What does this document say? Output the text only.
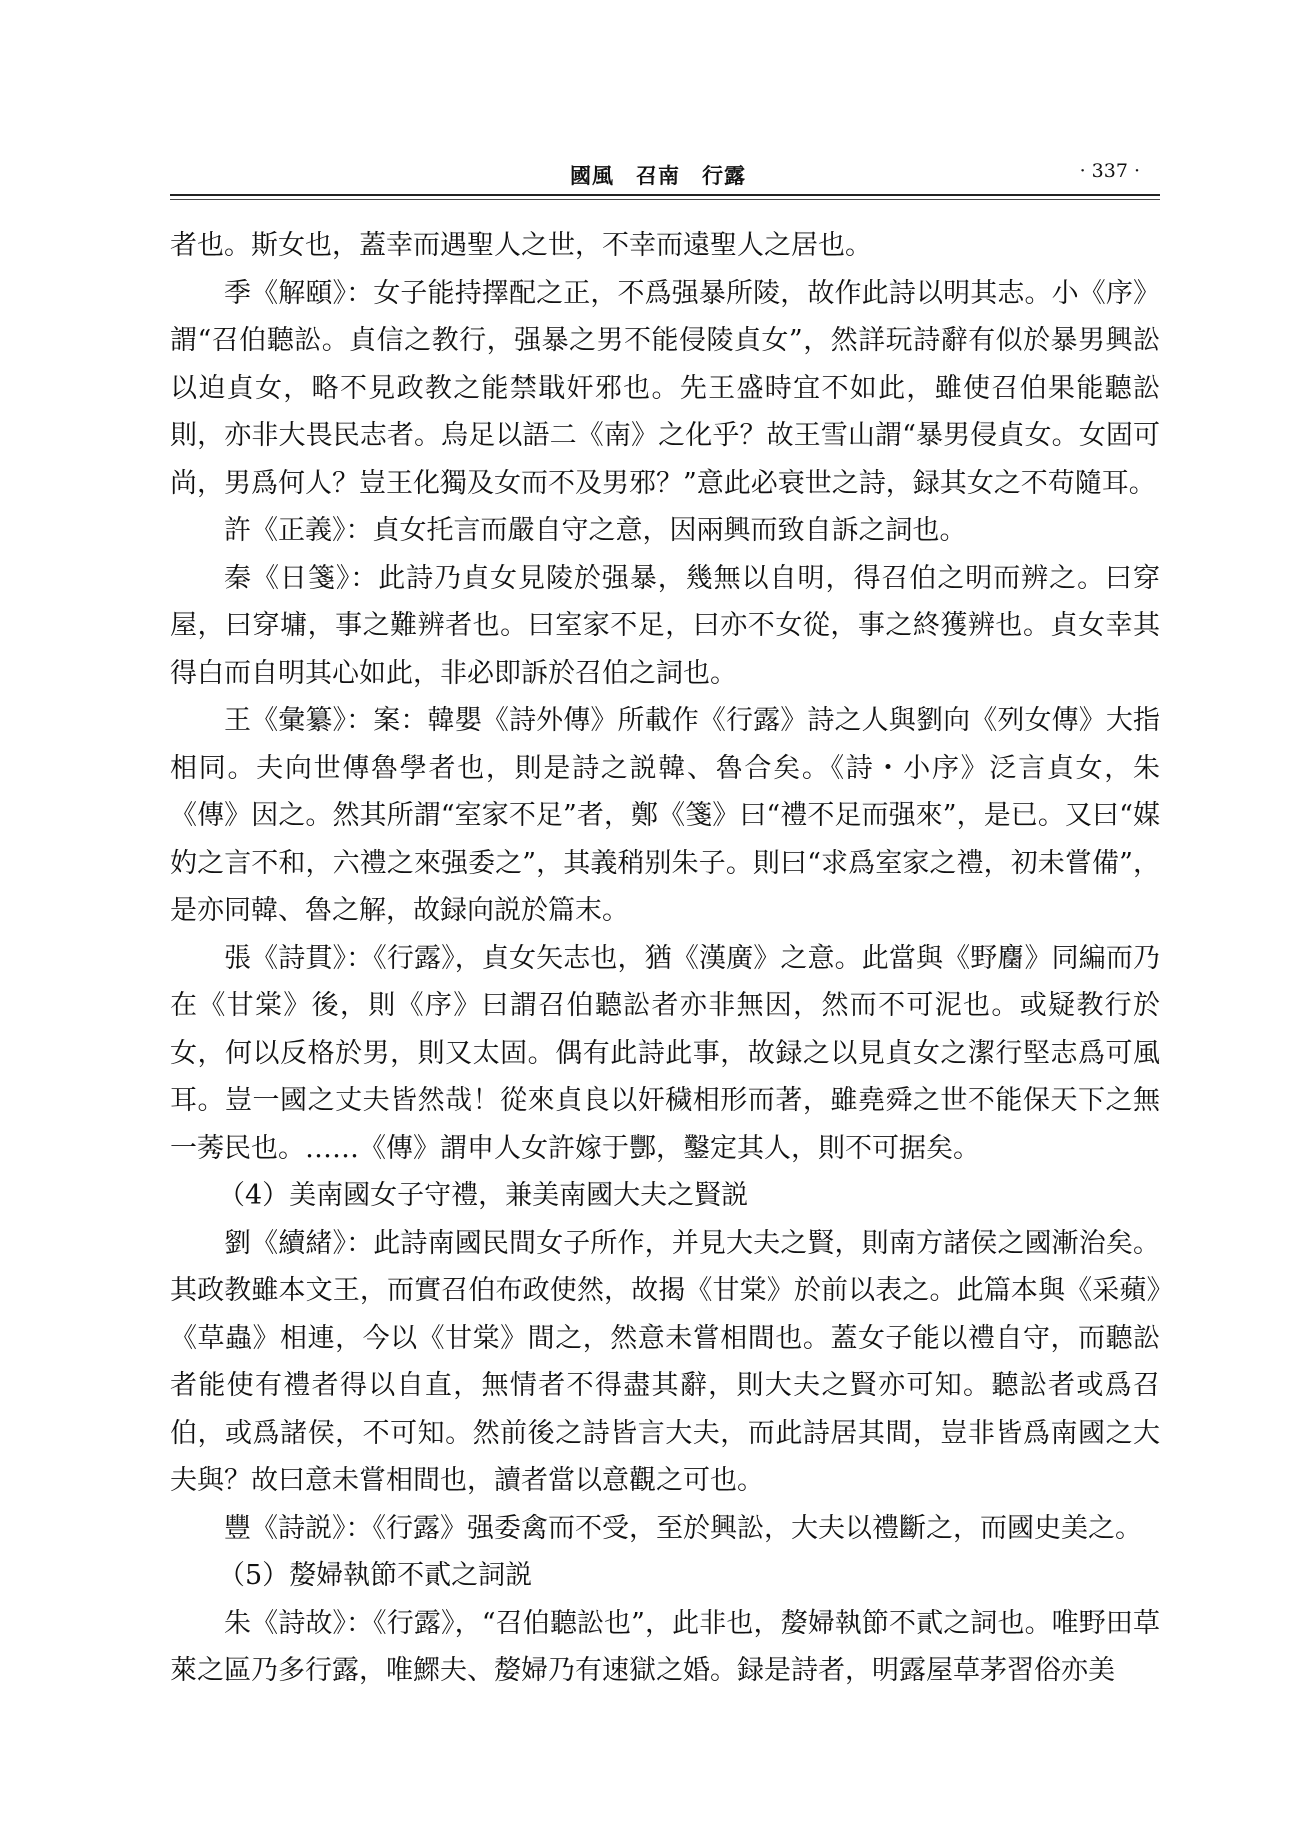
國風　召南　行露	· 337 ·

者也。斯女也，蓋幸而遇聖人之世，不幸而遠聖人之居也。

季《解頤》：女子能持擇配之正，不爲强暴所陵，故作此詩以明其志。小《序》謂“召伯聽訟。貞信之教行，强暴之男不能侵陵貞女”，然詳玩詩辭有似於暴男興訟以迫貞女，略不見政教之能禁戢奸邪也。先王盛時宜不如此，雖使召伯果能聽訟則，亦非大畏民志者。烏足以語二《南》之化乎？故王雪山謂“暴男侵貞女。女固可尚，男爲何人？豈王化獨及女而不及男邪？”意此必衰世之詩，録其女之不苟隨耳。

許《正義》：貞女托言而嚴自守之意，因兩興而致自訴之詞也。

秦《日箋》：此詩乃貞女見陵於强暴，幾無以自明，得召伯之明而辨之。曰穿屋，曰穿墉，事之難辨者也。曰室家不足，曰亦不女從，事之終獲辨也。貞女幸其得白而自明其心如此，非必即訴於召伯之詞也。

王《彙纂》：案：韓嬰《詩外傳》所載作《行露》詩之人與劉向《列女傳》大指相同。夫向世傳魯學者也，則是詩之説韓、魯合矣。《詩・小序》泛言貞女，朱《傳》因之。然其所謂“室家不足”者，鄭《箋》曰“禮不足而强來”，是已。又曰“媒妁之言不和，六禮之來强委之”，其義稍别朱子。則曰“求爲室家之禮，初未嘗備”，是亦同韓、魯之解，故録向説於篇末。

張《詩貫》：《行露》，貞女矢志也，猶《漢廣》之意。此當與《野麕》同編而乃在《甘棠》後，則《序》曰謂召伯聽訟者亦非無因，然而不可泥也。或疑教行於女，何以反格於男，則又太固。偶有此詩此事，故録之以見貞女之潔行堅志爲可風耳。豈一國之丈夫皆然哉！從來貞良以奸穢相形而著，雖堯舜之世不能保天下之無一莠民也。……《傳》謂申人女許嫁于酆，鑿定其人，則不可据矣。

（4）美南國女子守禮，兼美南國大夫之賢説

劉《續緒》：此詩南國民間女子所作，并見大夫之賢，則南方諸侯之國漸治矣。其政教雖本文王，而實召伯布政使然，故揭《甘棠》於前以表之。此篇本與《采蘋》《草蟲》相連，今以《甘棠》間之，然意未嘗相間也。蓋女子能以禮自守，而聽訟者能使有禮者得以自直，無情者不得盡其辭，則大夫之賢亦可知。聽訟者或爲召伯，或爲諸侯，不可知。然前後之詩皆言大夫，而此詩居其間，豈非皆爲南國之大夫與？故曰意未嘗相間也，讀者當以意觀之可也。

豐《詩説》：《行露》强委禽而不受，至於興訟，大夫以禮斷之，而國史美之。

（5）嫠婦執節不貳之詞説

朱《詩故》：《行露》，“召伯聽訟也”，此非也，嫠婦執節不貳之詞也。唯野田草萊之區乃多行露，唯鰥夫、嫠婦乃有速獄之婚。録是詩者，明露屋草茅習俗亦美
